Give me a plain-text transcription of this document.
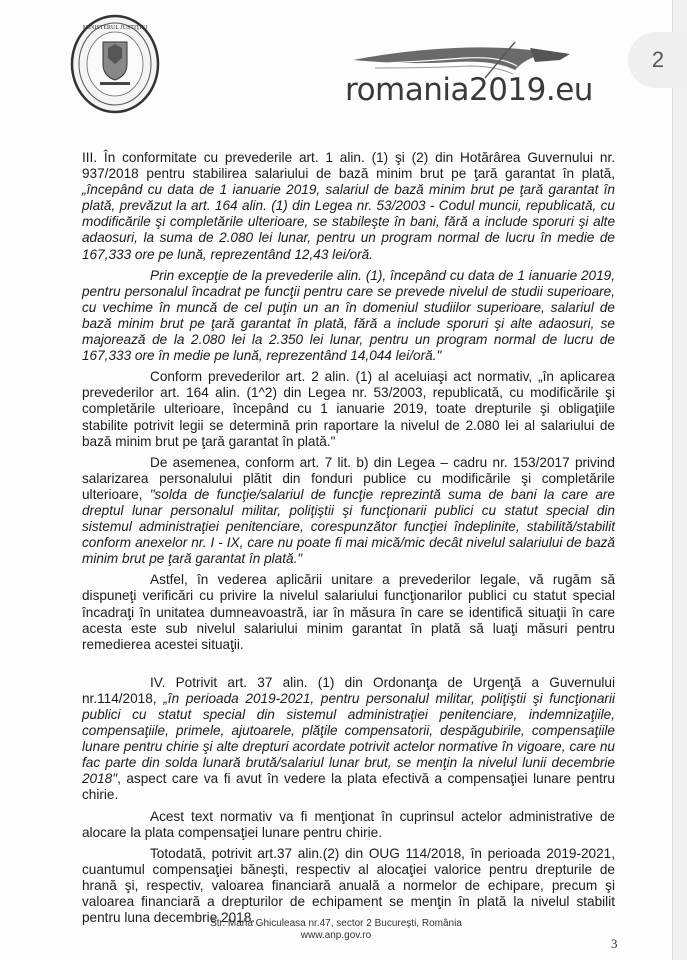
MINISTERUL JUSTIŢIEI
romania2019.eu

III. În conformitate cu prevederile art. 1 alin. (1) şi (2) din Hotărârea Guvernului nr. 937/2018 pentru stabilirea salariului de bază minim brut pe ţară garantat în plată, „începând cu data de 1 ianuarie 2019, salariul de bază minim brut pe ţară garantat în plată, prevăzut la art. 164 alin. (1) din Legea nr. 53/2003 - Codul muncii, republicată, cu modificările şi completările ulterioare, se stabileşte în bani, fără a include sporuri şi alte adaosuri, la suma de 2.080 lei lunar, pentru un program normal de lucru în medie de 167,333 ore pe lună, reprezentând 12,43 lei/oră.

Prin excepţie de la prevederile alin. (1), începând cu data de 1 ianuarie 2019, pentru personalul încadrat pe funcţii pentru care se prevede nivelul de studii superioare, cu vechime în muncă de cel puţin un an în domeniul studiilor superioare, salariul de bază minim brut pe ţară garantat în plată, fără a include sporuri şi alte adaosuri, se majorează de la 2.080 lei la 2.350 lei lunar, pentru un program normal de lucru de 167,333 ore în medie pe lună, reprezentând 14,044 lei/oră."

Conform prevederilor art. 2 alin. (1) al aceluiaşi act normativ, „în aplicarea prevederilor art. 164 alin. (1^2) din Legea nr. 53/2003, republicată, cu modificările şi completările ulterioare, începând cu 1 ianuarie 2019, toate drepturile şi obligaţiile stabilite potrivit legii se determină prin raportare la nivelul de 2.080 lei al salariului de bază minim brut pe ţară garantat în plată."

De asemenea, conform art. 7 lit. b) din Legea – cadru nr. 153/2017 privind salarizarea personalului plătit din fonduri publice cu modificările şi completările ulterioare, "solda de funcţie/salariul de funcţie reprezintă suma de bani la care are dreptul lunar personalul militar, poliţiştii şi funcţionarii publici cu statut special din sistemul administraţiei penitenciare, corespunzător funcţiei îndeplinite, stabilită/stabilit conform anexelor nr. I - IX, care nu poate fi mai mică/mic decât nivelul salariului de bază minim brut pe ţară garantat în plată."

Astfel, în vederea aplicării unitare a prevederilor legale, vă rugăm să dispuneţi verificări cu privire la nivelul salariului funcţionarilor publici cu statut special încadraţi în unitatea dumneavoastră, iar în măsura în care se identifică situaţii în care acesta este sub nivelul salariului minim garantat în plată să luaţi măsuri pentru remedierea acestei situaţii.

IV. Potrivit art. 37 alin. (1) din Ordonanţa de Urgenţă a Guvernului nr.114/2018, „în perioada 2019-2021, pentru personalul militar, poliţiştii şi funcţionarii publici cu statut special din sistemul administraţiei penitenciare, indemnizaţiile, compensaţiile, primele, ajutoarele, plăţile compensatorii, despăgubirile, compensaţiile lunare pentru chirie şi alte drepturi acordate potrivit actelor normative în vigoare, care nu fac parte din solda lunară brută/salariul lunar brut, se menţin la nivelul lunii decembrie 2018", aspect care va fi avut în vedere la plata efectivă a compensaţiei lunare pentru chirie.

Acest text normativ va fi menţionat în cuprinsul actelor administrative de alocare la plata compensaţiei lunare pentru chirie.

Totodată, potrivit art.37 alin.(2) din OUG 114/2018, în perioada 2019-2021, cuantumul compensaţiei băneşti, respectiv al alocaţiei valorice pentru drepturile de hrană şi, respectiv, valoarea financiară anuală a normelor de echipare, precum şi valoarea financiară a drepturilor de echipament se menţin în plată la nivelul stabilit pentru luna decembrie 2018.

Str. Maria Ghiculeasa nr.47, sector 2 Bucureşti, România
www.anp.gov.ro
3
2
